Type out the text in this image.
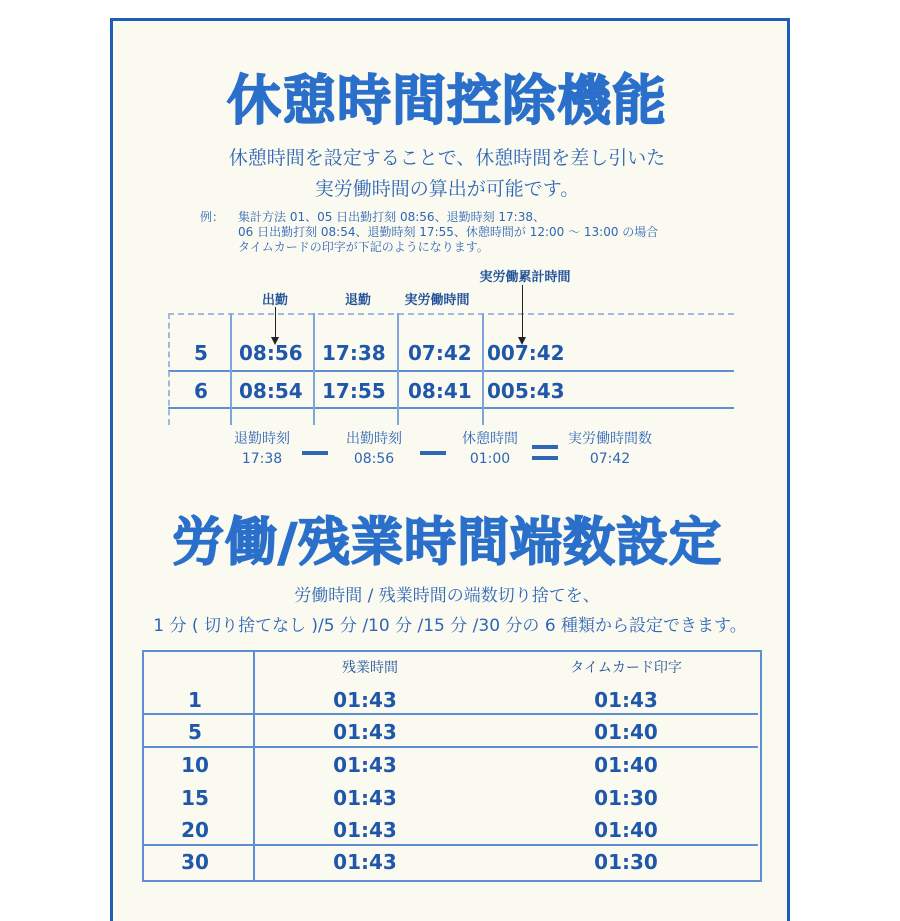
休憩時間控除機能
休憩時間を設定することで、休憩時間を差し引いた
実労働時間の算出が可能です。
例： 集計方法 01、05 日出勤打刻 08:56、退勤時刻 17:38、
06 日出勤打刻 08:54、退勤時刻 17:55、休憩時間が 12:00 ～ 13:00 の場合
タイムカードの印字が下記のようになります。
実労働累計時間
出勤	退勤	実労働時間
5 08:56 17:38 07:42 007:42
6 08:54 17:55 08:41 005:43
退勤時刻
17:38
出勤時刻
08:56
休憩時間
01:00
実労働時間数
07:42
労働/残業時間端数設定
労働時間 / 残業時間の端数切り捨てを、
1 分 ( 切り捨てなし )/5 分 /10 分 /15 分 /30 分の 6 種類から設定できます。
残業時間	タイムカード印字
1	01:43	01:43
5	01:43	01:40
10	01:43	01:40
15	01:43	01:30
20	01:43	01:40
30	01:43	01:30
